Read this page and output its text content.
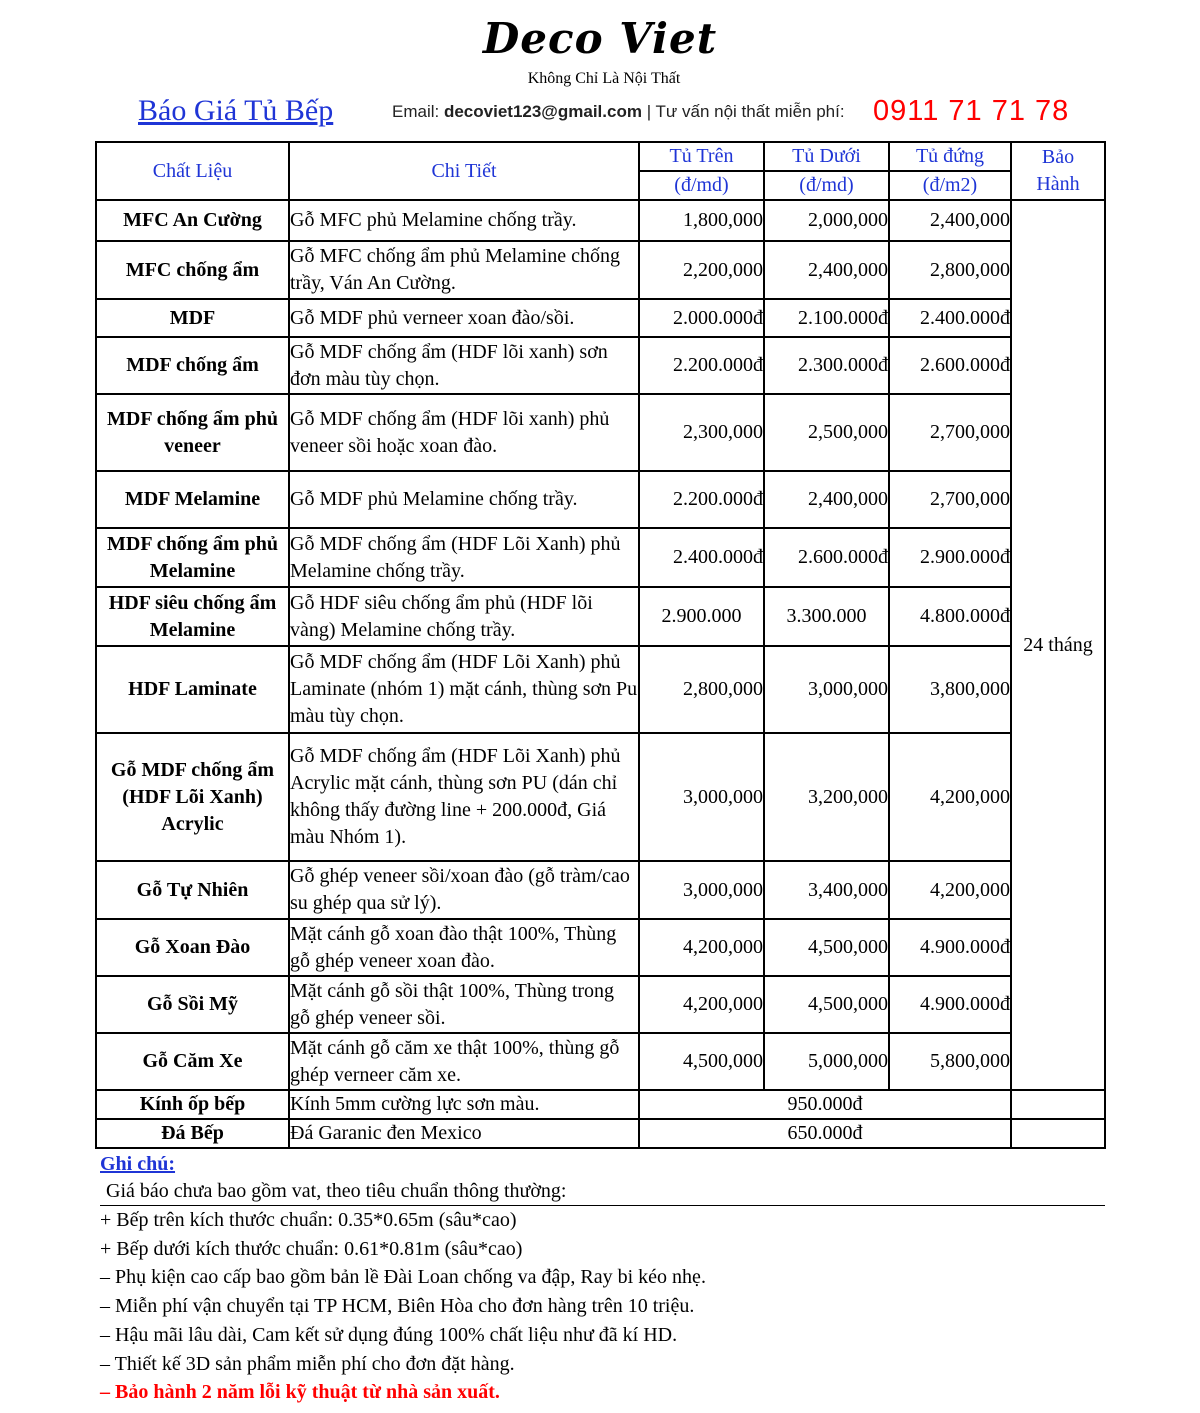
Deco Viet
Không Chỉ Là Nội Thất
Báo Giá Tủ Bếp	Email: decoviet123@gmail.com | Tư vấn nội thất miễn phí: 0911 71 71 78
Chất Liệu	Chi Tiết	Tủ Trên	Tủ Dưới	Tủ đứng	Bảo
Hành
		(đ/md)	(đ/md)	(đ/m2)	
MFC An Cường	Gỗ MFC phủ Melamine chống trầy.	1,800,000	2,000,000	2,400,000	24 tháng
MFC chống ẩm	Gỗ MFC chống ẩm phủ Melamine chống trầy, Ván An Cường.	2,200,000	2,400,000	2,800,000	
MDF	Gỗ MDF phủ verneer xoan đào/sồi.	2.000.000đ	2.100.000đ	2.400.000đ	
MDF chống ẩm	Gỗ MDF chống ẩm (HDF lõi xanh) sơn đơn màu tùy chọn.	2.200.000đ	2.300.000đ	2.600.000đ	
MDF chống ẩm phủ veneer	Gỗ MDF chống ẩm (HDF lõi xanh) phủ veneer sồi hoặc xoan đào.	2,300,000	2,500,000	2,700,000	
MDF Melamine	Gỗ MDF phủ Melamine chống trầy.	2.200.000đ	2,400,000	2,700,000	
MDF chống ẩm phủ Melamine	Gỗ MDF chống ẩm (HDF Lõi Xanh) phủ Melamine chống trầy.	2.400.000đ	2.600.000đ	2.900.000đ	
HDF siêu chống ẩm Melamine	Gỗ HDF siêu chống ẩm phủ (HDF lõi vàng) Melamine chống trầy.	2.900.000	3.300.000	4.800.000đ	
HDF Laminate	Gỗ MDF chống ẩm (HDF Lõi Xanh) phủ Laminate (nhóm 1) mặt cánh, thùng sơn Pu màu tùy chọn.	2,800,000	3,000,000	3,800,000	
Gỗ MDF chống ẩm (HDF Lõi Xanh) Acrylic	Gỗ MDF chống ẩm (HDF Lõi Xanh) phủ Acrylic mặt cánh, thùng sơn PU (dán chỉ không thấy đường line + 200.000đ, Giá màu Nhóm 1).	3,000,000	3,200,000	4,200,000	
Gỗ Tự Nhiên	Gỗ ghép veneer sồi/xoan đào (gỗ tràm/cao su ghép qua sử lý).	3,000,000	3,400,000	4,200,000	
Gỗ Xoan Đào	Mặt cánh gỗ xoan đào thật 100%, Thùng gỗ ghép veneer xoan đào.	4,200,000	4,500,000	4.900.000đ	
Gỗ Sồi Mỹ	Mặt cánh gỗ sồi thật 100%, Thùng trong gỗ ghép veneer sồi.	4,200,000	4,500,000	4.900.000đ	
Gỗ Căm Xe	Mặt cánh gỗ căm xe thật 100%, thùng gỗ ghép verneer căm xe.	4,500,000	5,000,000	5,800,000	
Kính ốp bếp	Kính 5mm cường lực sơn màu.	950.000đ			
Đá Bếp	Đá Garanic đen Mexico	650.000đ			
Ghi chú:
Giá báo chưa bao gồm vat, theo tiêu chuẩn thông thường:
+ Bếp trên kích thước chuẩn: 0.35*0.65m (sâu*cao)
+ Bếp dưới kích thước chuẩn: 0.61*0.81m (sâu*cao)
– Phụ kiện cao cấp bao gồm bản lề Đài Loan chống va đập, Ray bi kéo nhẹ.
– Miễn phí vận chuyển tại TP HCM, Biên Hòa cho đơn hàng trên 10 triệu.
– Hậu mãi lâu dài, Cam kết sử dụng đúng 100% chất liệu như đã kí HD.
– Thiết kế 3D sản phẩm miễn phí cho đơn đặt hàng.
– Bảo hành 2 năm lỗi kỹ thuật từ nhà sản xuất.
